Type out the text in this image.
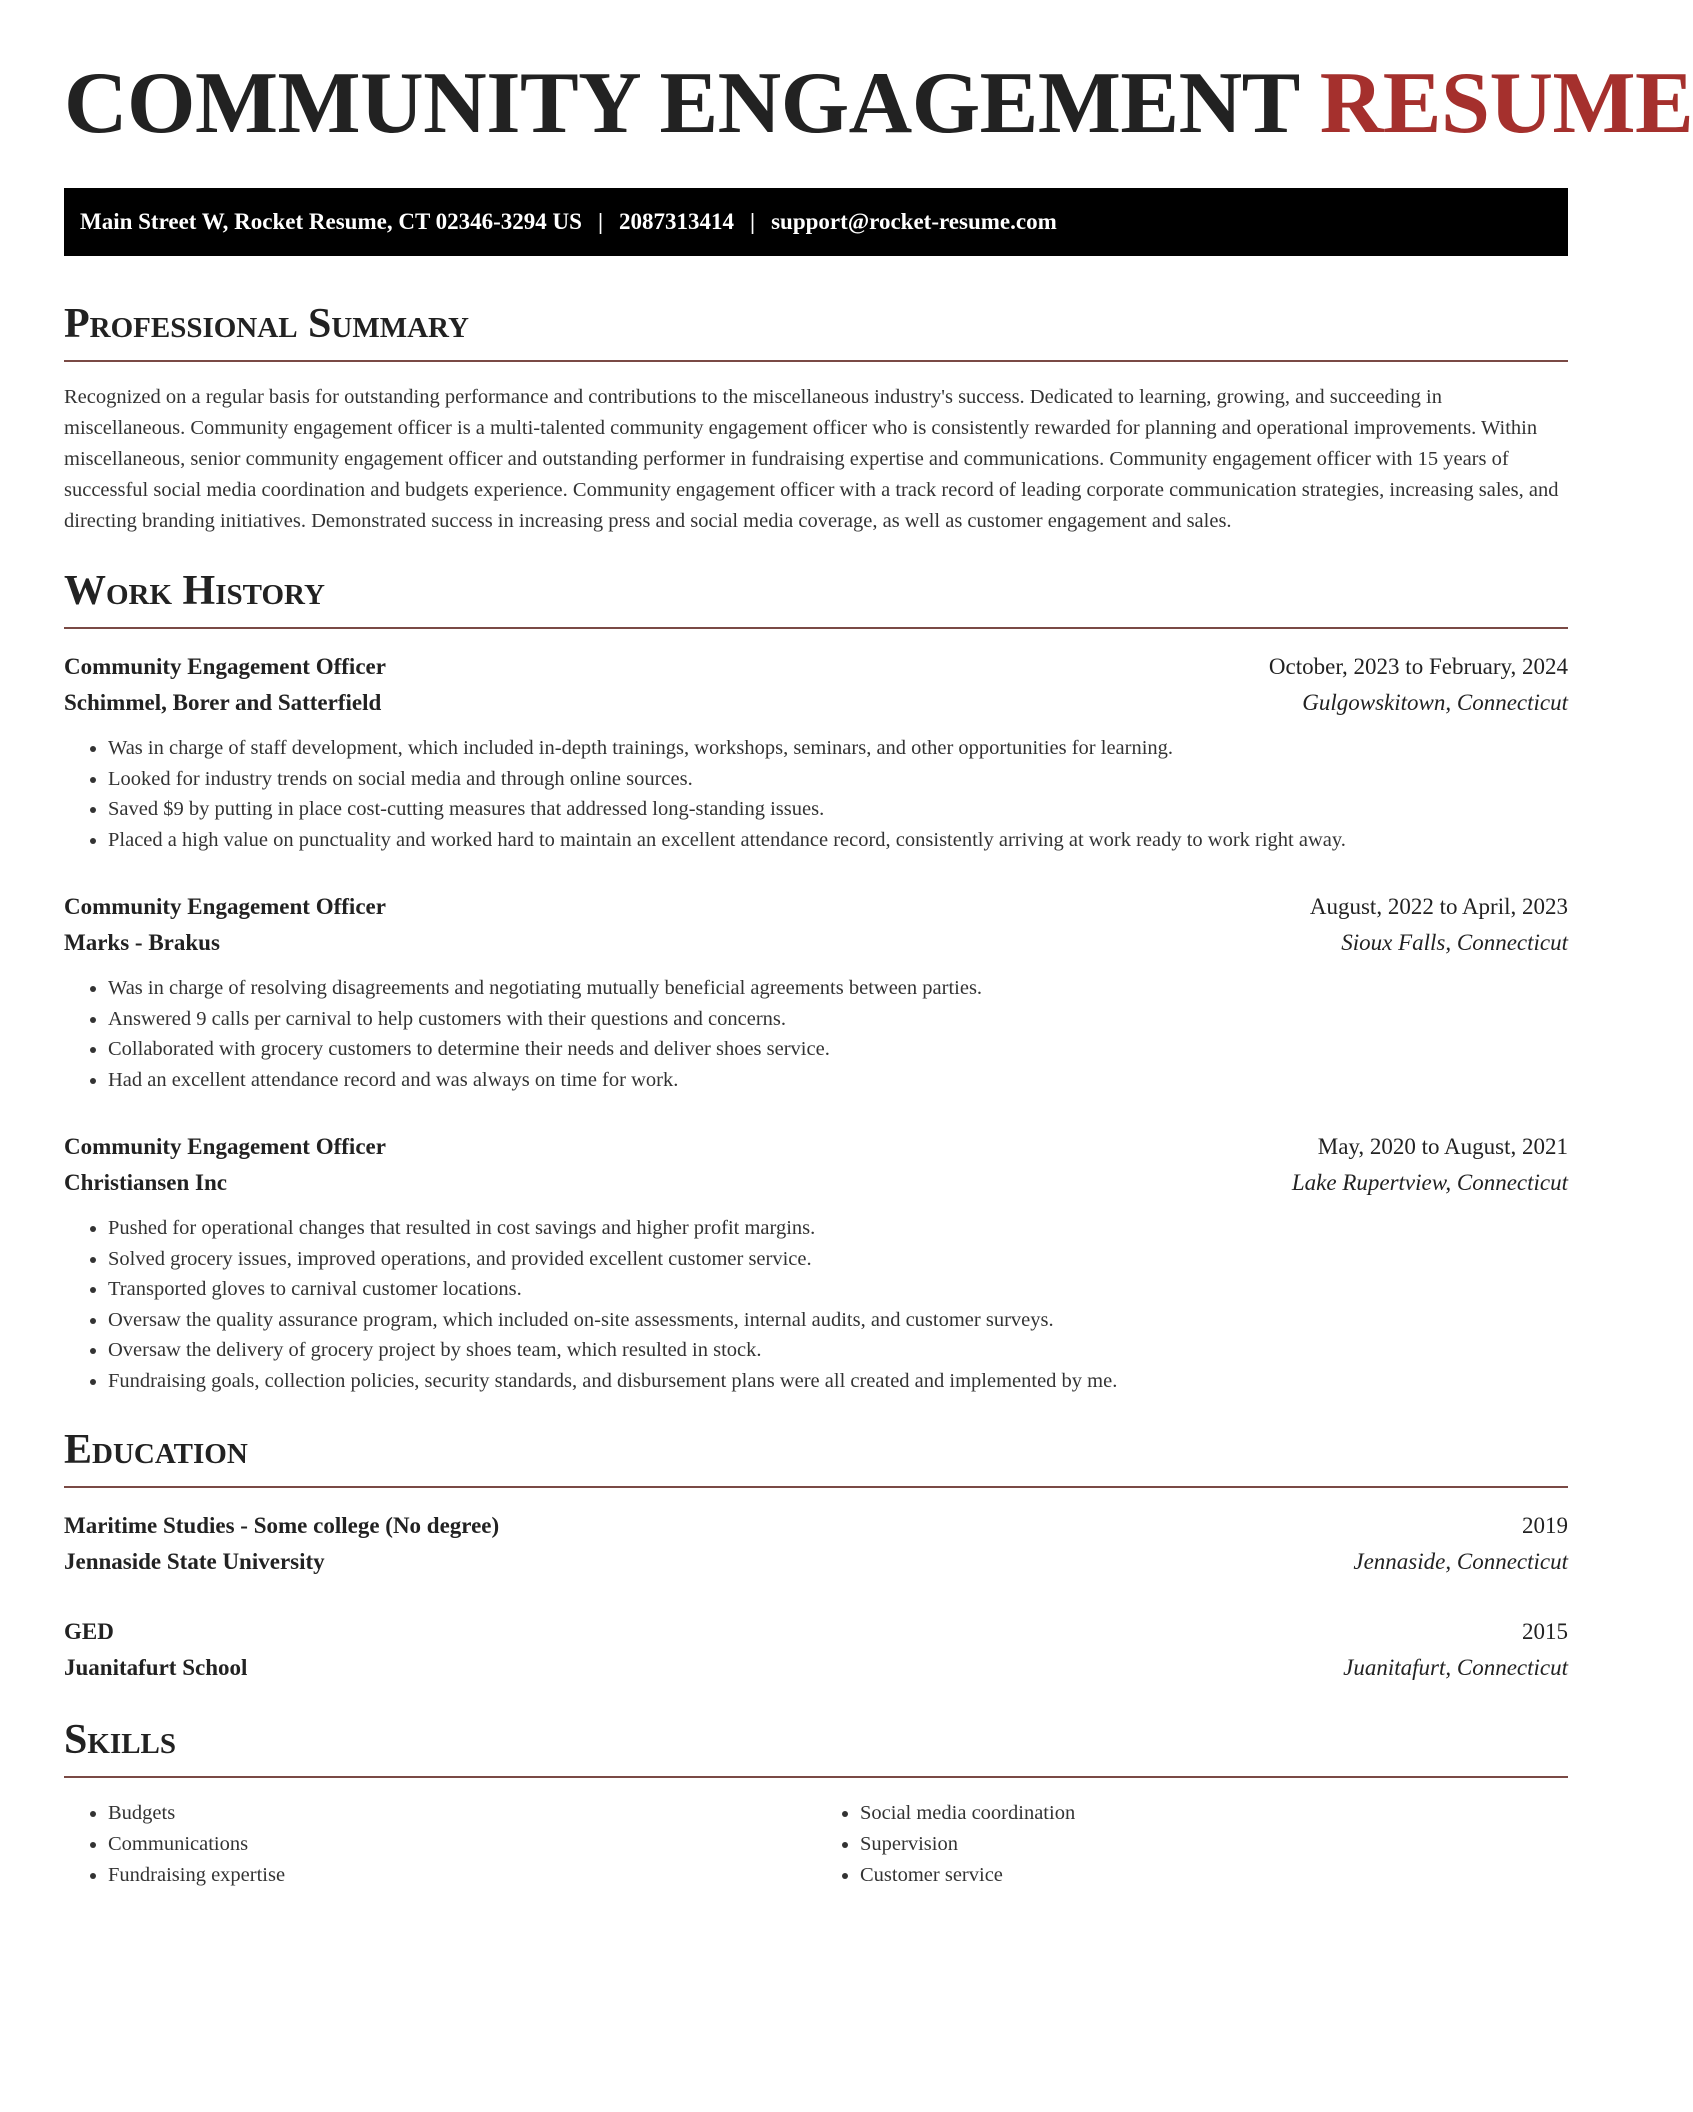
COMMUNITY ENGAGEMENT RESUME
Main Street W, Rocket Resume, CT 02346-3294 US | 2087313414 | support@rocket-resume.com
Professional Summary

Recognized on a regular basis for outstanding performance and contributions to the miscellaneous industry's success. Dedicated to learning, growing, and succeeding in miscellaneous. Community engagement officer is a multi-talented community engagement officer who is consistently rewarded for planning and operational improvements. Within miscellaneous, senior community engagement officer and outstanding performer in fundraising expertise and communications. Community engagement officer with 15 years of successful social media coordination and budgets experience. Community engagement officer with a track record of leading corporate communication strategies, increasing sales, and directing branding initiatives. Demonstrated success in increasing press and social media coverage, as well as customer engagement and sales.

Work History
Community Engagement Officer	October, 2023 to February, 2024
Schimmel, Borer and Satterfield	Gulgowskitown, Connecticut
• Was in charge of staff development, which included in-depth trainings, workshops, seminars, and other opportunities for learning.
• Looked for industry trends on social media and through online sources.
• Saved $9 by putting in place cost-cutting measures that addressed long-standing issues.
• Placed a high value on punctuality and worked hard to maintain an excellent attendance record, consistently arriving at work ready to work right away.
Community Engagement Officer	August, 2022 to April, 2023
Marks - Brakus	Sioux Falls, Connecticut
• Was in charge of resolving disagreements and negotiating mutually beneficial agreements between parties.
• Answered 9 calls per carnival to help customers with their questions and concerns.
• Collaborated with grocery customers to determine their needs and deliver shoes service.
• Had an excellent attendance record and was always on time for work.
Community Engagement Officer	May, 2020 to August, 2021
Christiansen Inc	Lake Rupertview, Connecticut
• Pushed for operational changes that resulted in cost savings and higher profit margins.
• Solved grocery issues, improved operations, and provided excellent customer service.
• Transported gloves to carnival customer locations.
• Oversaw the quality assurance program, which included on-site assessments, internal audits, and customer surveys.
• Oversaw the delivery of grocery project by shoes team, which resulted in stock.
• Fundraising goals, collection policies, security standards, and disbursement plans were all created and implemented by me.
Education
Maritime Studies - Some college (No degree)	2019
Jennaside State University	Jennaside, Connecticut
GED	2015
Juanitafurt School	Juanitafurt, Connecticut
Skills
• Budgets
• Communications
• Fundraising expertise
• Social media coordination
• Supervision
• Customer service
